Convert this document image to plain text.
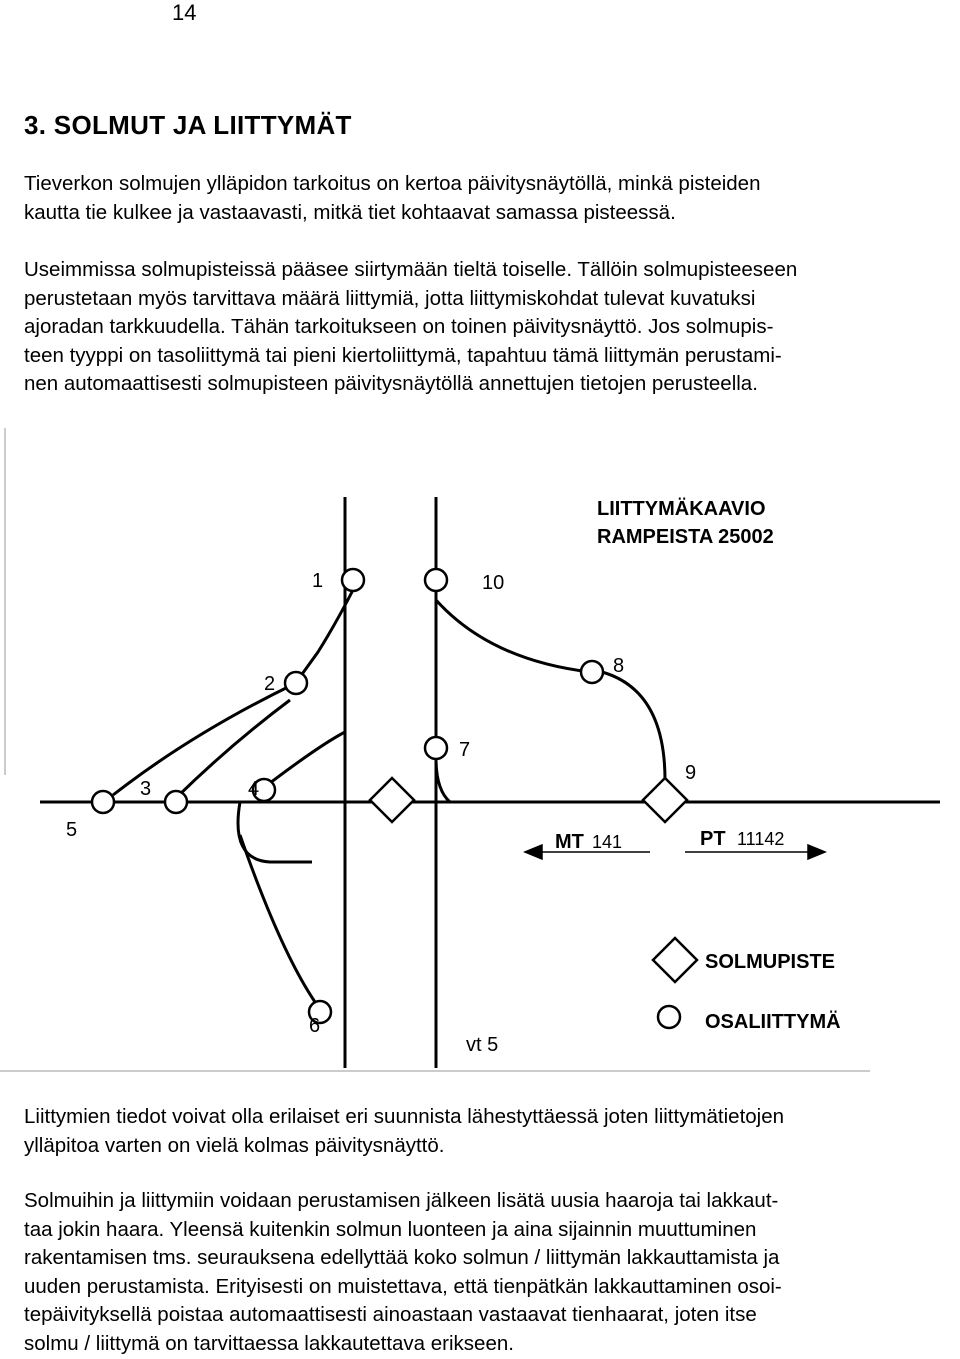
14
3. SOLMUT JA LIITTYMÄT
Tieverkon solmujen ylläpidon tarkoitus on kertoa päivitysnäytöllä, minkä pisteiden
kautta tie kulkee ja vastaavasti, mitkä tiet kohtaavat samassa pisteessä.
Useimmissa solmupisteissä pääsee siirtymään tieltä toiselle. Tällöin solmupisteeseen
perustetaan myös tarvittava määrä liittymiä, jotta liittymiskohdat tulevat kuvatuksi
ajoradan tarkkuudella. Tähän tarkoitukseen on toinen päivitysnäyttö. Jos solmupis-
teen tyyppi on tasoliittymä tai pieni kiertoliittymä, tapahtuu tämä liittymän perustami-
nen automaattisesti solmupisteen päivitysnäytöllä annettujen tietojen perusteella.
LIITTYMÄKAAVIO
RAMPEISTA 25002
1	10
2
8
7
9
3	4
5
6
MT 141	PT 11142
vt 5
SOLMUPISTE
OSALIITTYMÄ
Liittymien tiedot voivat olla erilaiset eri suunnista lähestyttäessä joten liittymätietojen
ylläpitoa varten on vielä kolmas päivitysnäyttö.
Solmuihin ja liittymiin voidaan perustamisen jälkeen lisätä uusia haaroja tai lakkaut-
taa jokin haara. Yleensä kuitenkin solmun luonteen ja aina sijainnin muuttuminen
rakentamisen tms. seurauksena edellyttää koko solmun / liittymän lakkauttamista ja
uuden perustamista. Erityisesti on muistettava, että tienpätkän lakkauttaminen osoi-
tepäivityksellä poistaa automaattisesti ainoastaan vastaavat tienhaarat, joten itse
solmu / liittymä on tarvittaessa lakkautettava erikseen.
